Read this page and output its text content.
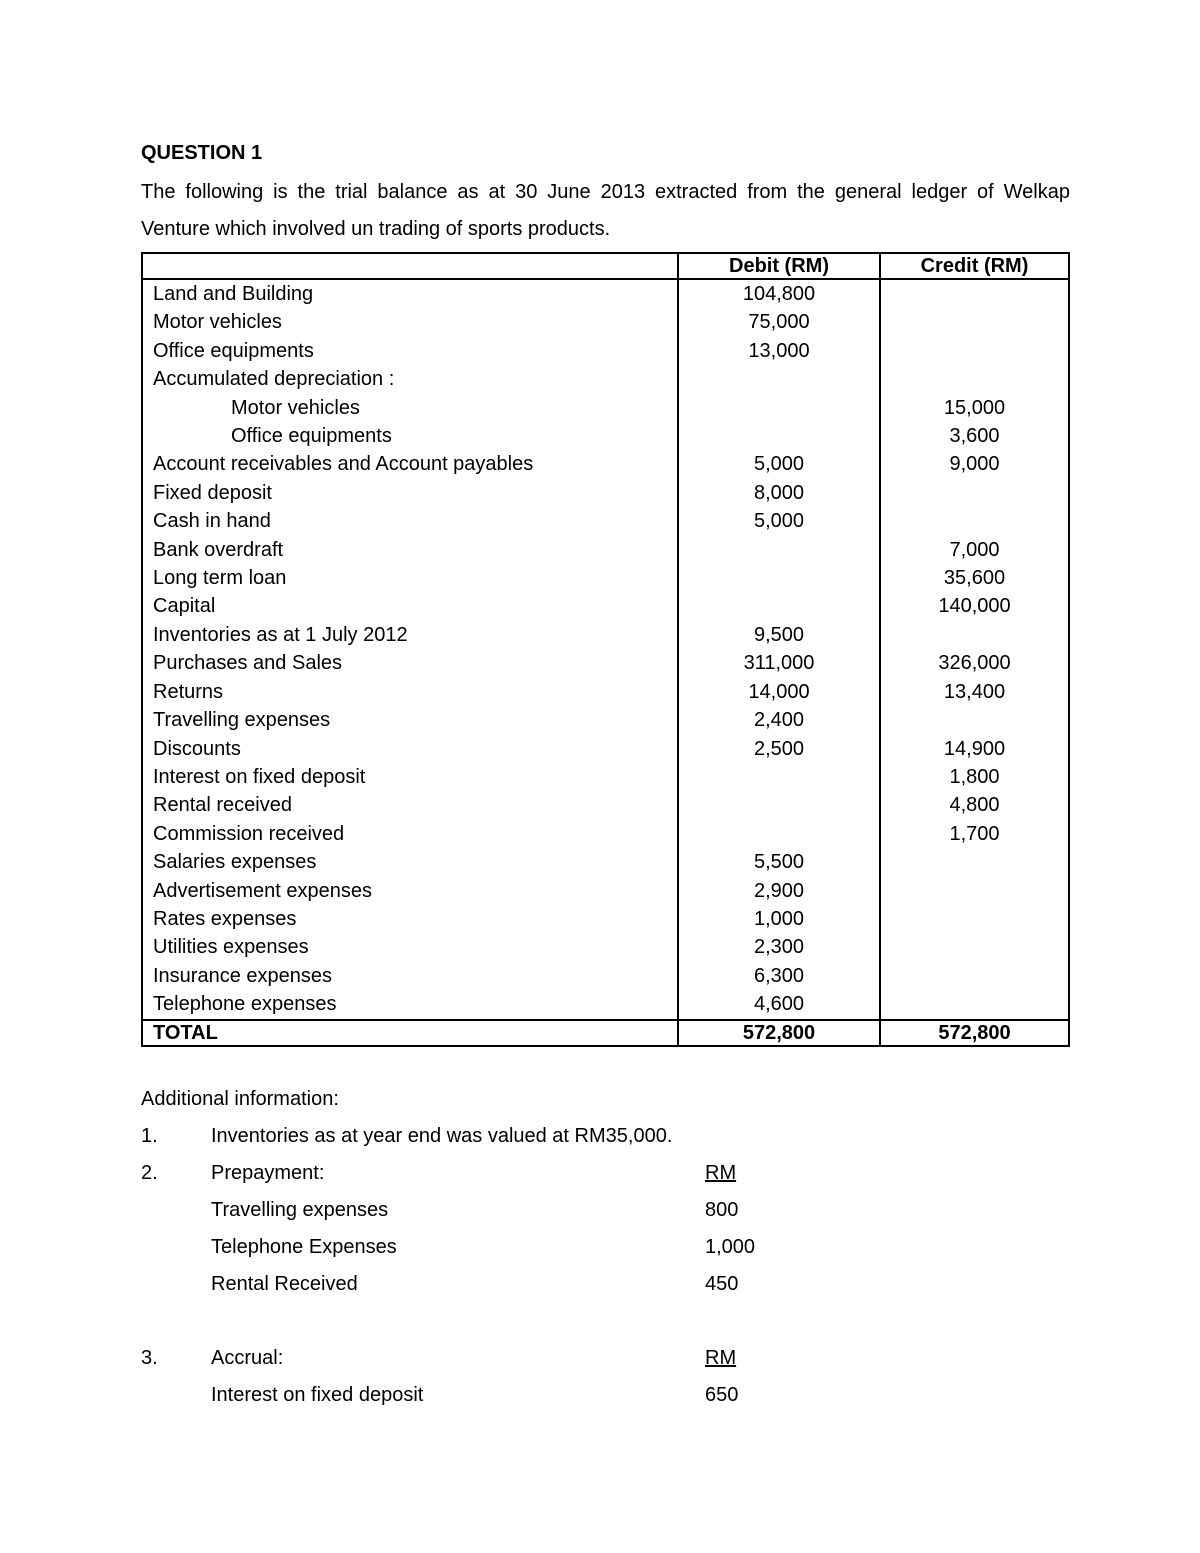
QUESTION 1

The following is the trial balance as at 30 June 2013 extracted from the general ledger of Welkap Venture which involved un trading of sports products.

	Debit (RM)	Credit (RM)
Land and Building	104,800	
Motor vehicles	75,000	
Office equipments	13,000	
Accumulated depreciation :		
Motor vehicles		15,000
Office equipments		3,600
Account receivables and Account payables	5,000	9,000
Fixed deposit	8,000	
Cash in hand	5,000	
Bank overdraft		7,000
Long term loan		35,600
Capital		140,000
Inventories as at 1 July 2012	9,500	
Purchases and Sales	311,000	326,000
Returns	14,000	13,400
Travelling expenses	2,400	
Discounts	2,500	14,900
Interest on fixed deposit		1,800
Rental received		4,800
Commission received		1,700
Salaries expenses	5,500	
Advertisement expenses	2,900	
Rates expenses	1,000	
Utilities expenses	2,300	
Insurance expenses	6,300	
Telephone expenses	4,600	
TOTAL	572,800	572,800
Additional information:
1.	Inventories as at year end was valued at RM35,000.
2.	Prepayment:	RM
Travelling expenses	800
Telephone Expenses	1,000
Rental Received	450
3.	Accrual:	RM
Interest on fixed deposit	650
